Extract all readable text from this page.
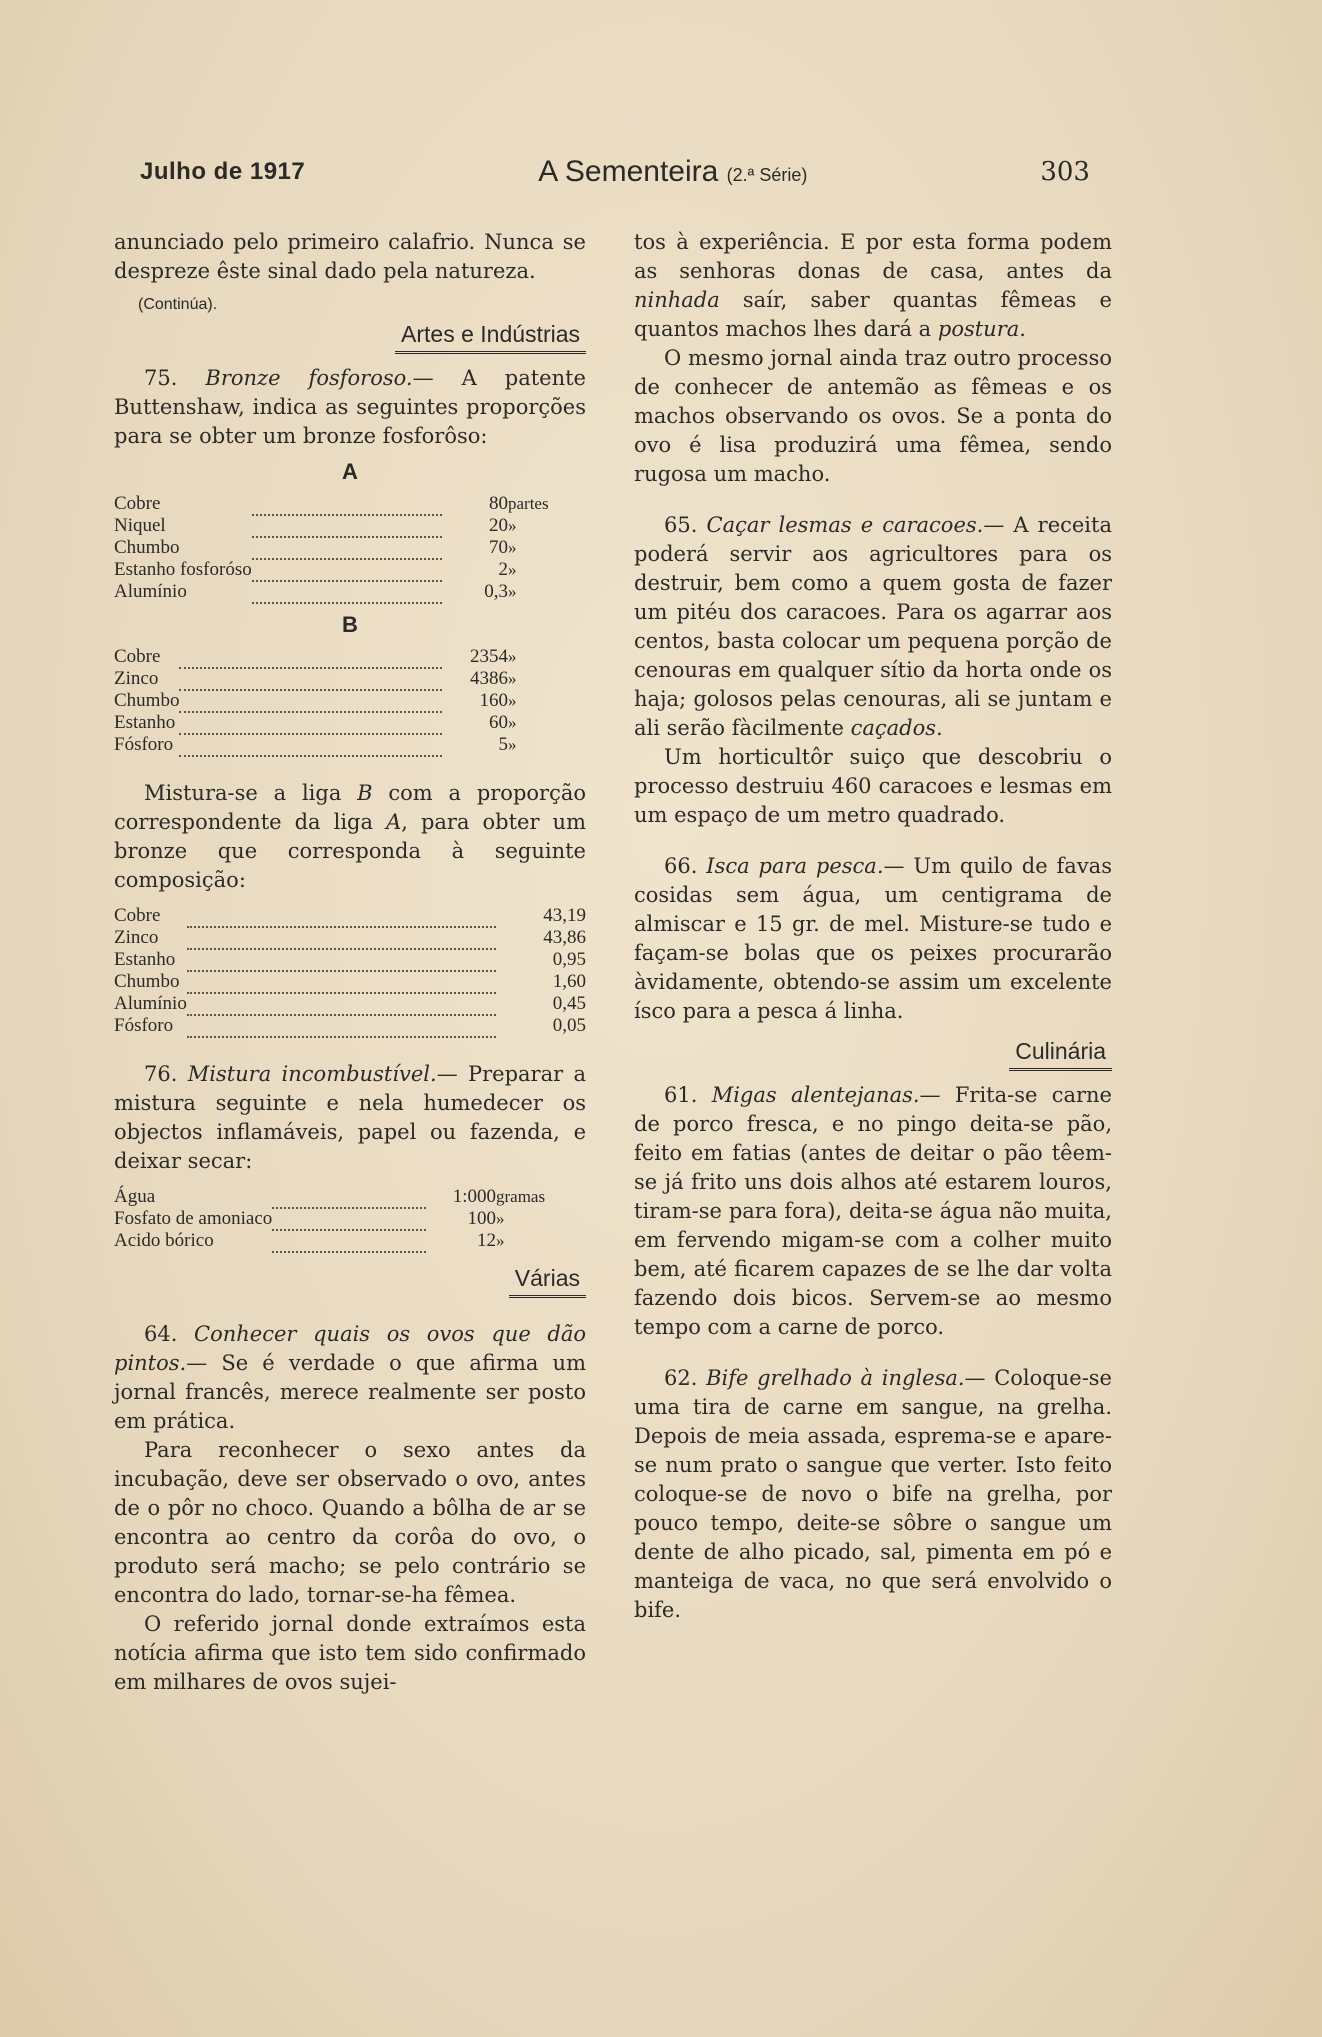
Julho de 1917	A Sementeira (2.ª Série)	303

anunciado pelo primeiro calafrio. Nunca se despreze êste sinal dado pela natureza.

(Continúa).

Artes e Indústrias

75. Bronze fosforoso.— A patente Buttenshaw, indica as seguintes proporções para se obter um bronze fosforôso:

A
Cobre		80	partes
Niquel		20	»
Chumbo		70	»
Estanho fosforóso		2	»
Alumínio		0,3	»
B
Cobre		2354	»
Zinco		4386	»
Chumbo		160	»
Estanho		60	»
Fósforo		5	»

Mistura-se a liga B com a proporção correspondente da liga A, para obter um bronze que corresponda à seguinte composição:

Cobre		43,19
Zinco		43,86
Estanho		0,95
Chumbo		1,60
Alumínio		0,45
Fósforo		0,05

76. Mistura incombustível.— Preparar a mistura seguinte e nela humedecer os objectos inflamáveis, papel ou fazenda, e deixar secar:

Água		1:000	gramas
Fosfato de amoniaco		100	»
Acido bórico		12	»

Várias

64. Conhecer quais os ovos que dão pintos.— Se é verdade o que afirma um jornal francês, merece realmente ser posto em prática.

Para reconhecer o sexo antes da incubação, deve ser observado o ovo, antes de o pôr no choco. Quando a bôlha de ar se encontra ao centro da corôa do ovo, o produto será macho; se pelo contrário se encontra do lado, tornar-se-ha fêmea.

O referido jornal donde extraímos esta notícia afirma que isto tem sido confirmado em milhares de ovos sujei-

tos à experiência. E por esta forma podem as senhoras donas de casa, antes da ninhada saír, saber quantas fêmeas e quantos machos lhes dará a postura.

O mesmo jornal ainda traz outro processo de conhecer de antemão as fêmeas e os machos observando os ovos. Se a ponta do ovo é lisa produzirá uma fêmea, sendo rugosa um macho.

65. Caçar lesmas e caracoes.— A receita poderá servir aos agricultores para os destruir, bem como a quem gosta de fazer um pitéu dos caracoes. Para os agarrar aos centos, basta colocar um pequena porção de cenouras em qualquer sítio da horta onde os haja; golosos pelas cenouras, ali se juntam e ali serão fàcilmente caçados.

Um horticultôr suiço que descobriu o processo destruiu 460 caracoes e lesmas em um espaço de um metro quadrado.

66. Isca para pesca.— Um quilo de favas cosidas sem água, um centigrama de almiscar e 15 gr. de mel. Misture-se tudo e façam-se bolas que os peixes procurarão àvidamente, obtendo-se assim um excelente ísco para a pesca á linha.

Culinária

61. Migas alentejanas.— Frita-se carne de porco fresca, e no pingo deita-se pão, feito em fatias (antes de deitar o pão têem-se já frito uns dois alhos até estarem louros, tiram-se para fora), deita-se água não muita, em fervendo migam-se com a colher muito bem, até ficarem capazes de se lhe dar volta fazendo dois bicos. Servem-se ao mesmo tempo com a carne de porco.

62. Bife grelhado à inglesa.— Coloque-se uma tira de carne em sangue, na grelha. Depois de meia assada, esprema-se e apare-se num prato o sangue que verter. Isto feito coloque-se de novo o bife na grelha, por pouco tempo, deite-se sôbre o sangue um dente de alho picado, sal, pimenta em pó e manteiga de vaca, no que será envolvido o bife.
